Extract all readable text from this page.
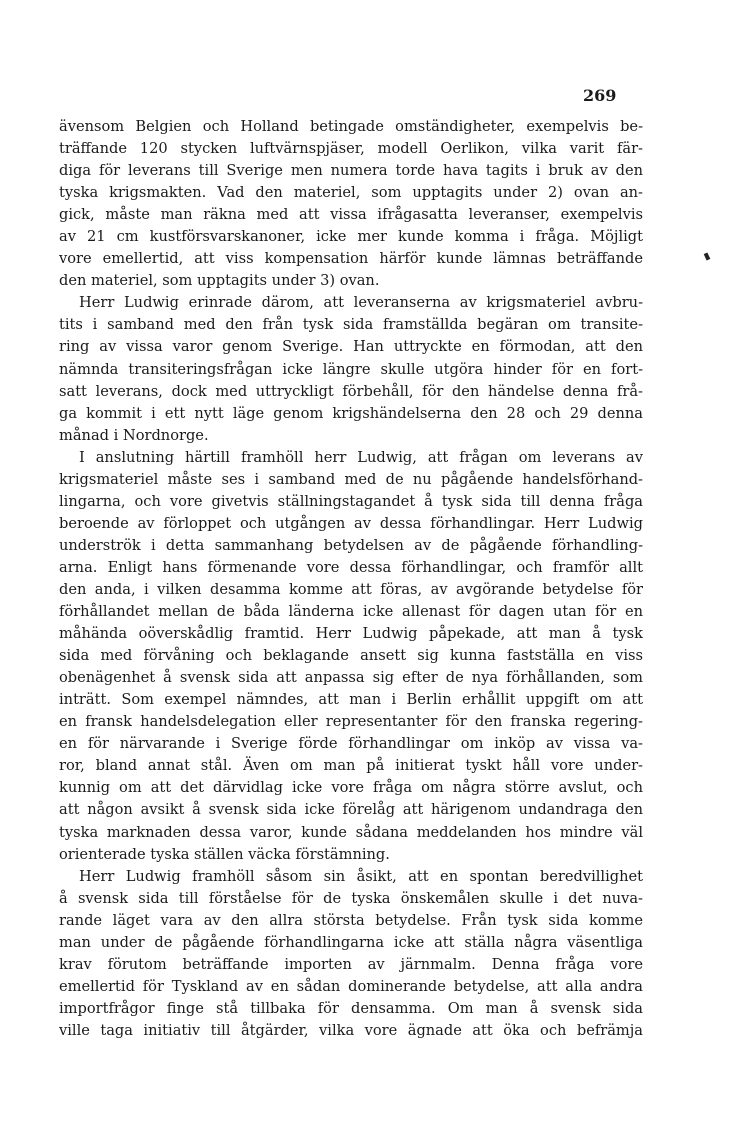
269
ävensom Belgien och Holland betingade omständigheter, exempelvis be-
träffande 120 stycken luftvärnspjäser, modell Oerlikon, vilka varit fär-
diga för leverans till Sverige men numera torde hava tagits i bruk av den
tyska krigsmakten. Vad den materiel, som upptagits under 2) ovan an-
gick, måste man räkna med att vissa ifrågasatta leveranser, exempelvis
av 21 cm kustförsvarskanoner, icke mer kunde komma i fråga. Möjligt
vore emellertid, att viss kompensation härför kunde lämnas beträffande
den materiel, som upptagits under 3) ovan.
Herr Ludwig erinrade därom, att leveranserna av krigsmateriel avbru-
tits i samband med den från tysk sida framställda begäran om transite-
ring av vissa varor genom Sverige. Han uttryckte en förmodan, att den
nämnda transiteringsfrågan icke längre skulle utgöra hinder för en fort-
satt leverans, dock med uttryckligt förbehåll, för den händelse denna frå-
ga kommit i ett nytt läge genom krigshändelserna den 28 och 29 denna
månad i Nordnorge.
I anslutning härtill framhöll herr Ludwig, att frågan om leverans av
krigsmateriel måste ses i samband med de nu pågående handelsförhand-
lingarna, och vore givetvis ställningstagandet å tysk sida till denna fråga
beroende av förloppet och utgången av dessa förhandlingar. Herr Ludwig
underströk i detta sammanhang betydelsen av de pågående förhandling-
arna. Enligt hans förmenande vore dessa förhandlingar, och framför allt
den anda, i vilken desamma komme att föras, av avgörande betydelse för
förhållandet mellan de båda länderna icke allenast för dagen utan för en
måhända oöverskådlig framtid. Herr Ludwig påpekade, att man å tysk
sida med förvåning och beklagande ansett sig kunna fastställa en viss
obenägenhet å svensk sida att anpassa sig efter de nya förhållanden, som
inträtt. Som exempel nämndes, att man i Berlin erhållit uppgift om att
en fransk handelsdelegation eller representanter för den franska regering-
en för närvarande i Sverige förde förhandlingar om inköp av vissa va-
ror, bland annat stål. Även om man på initierat tyskt håll vore under-
kunnig om att det därvidlag icke vore fråga om några större avslut, och
att någon avsikt å svensk sida icke förelåg att härigenom undandraga den
tyska marknaden dessa varor, kunde sådana meddelanden hos mindre väl
orienterade tyska ställen väcka förstämning.
Herr Ludwig framhöll såsom sin åsikt, att en spontan beredvillighet
å svensk sida till förståelse för de tyska önskemålen skulle i det nuva-
rande läget vara av den allra största betydelse. Från tysk sida komme
man under de pågående förhandlingarna icke att ställa några väsentliga
krav förutom beträffande importen av järnmalm. Denna fråga vore
emellertid för Tyskland av en sådan dominerande betydelse, att alla andra
importfrågor finge stå tillbaka för densamma. Om man å svensk sida
ville taga initiativ till åtgärder, vilka vore ägnade att öka och befrämja
